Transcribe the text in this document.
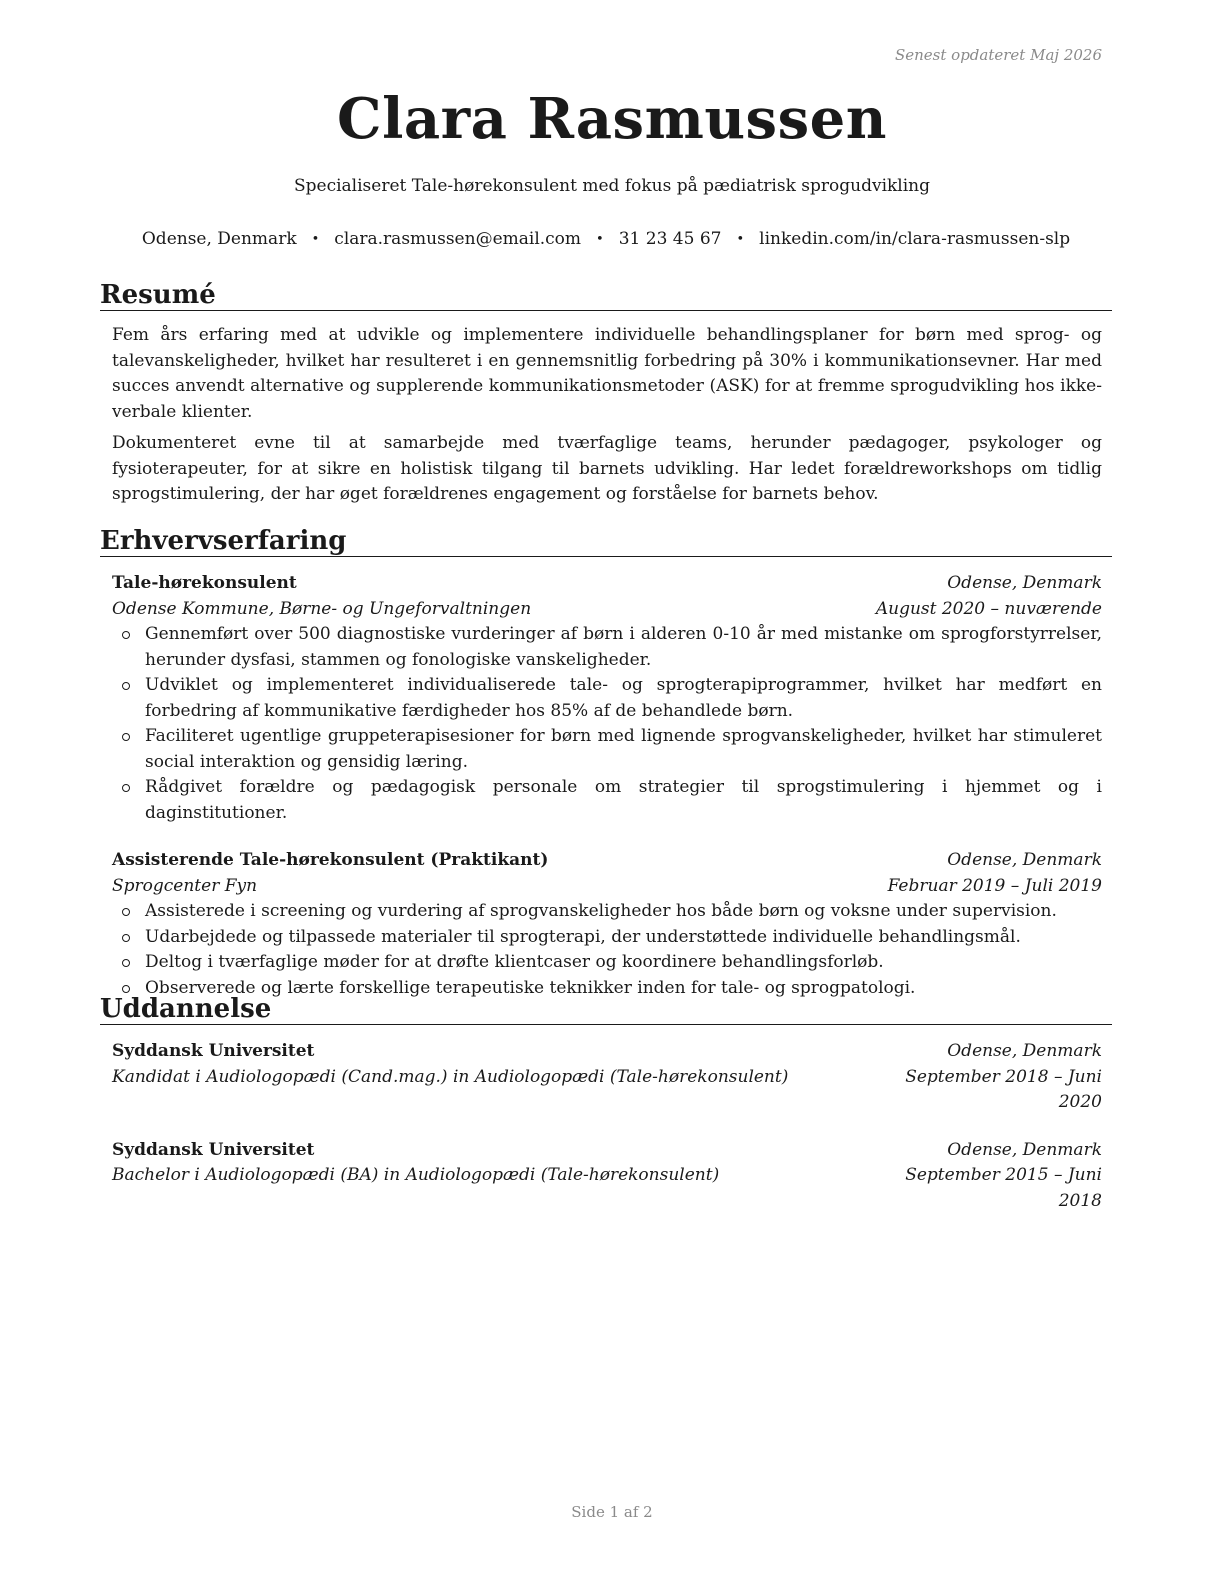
Senest opdateret Maj 2026
Clara Rasmussen
Specialiseret Tale-hørekonsulent med fokus på pædiatrisk sprogudvikling
Odense, Denmark • clara.rasmussen@email.com • 31 23 45 67 • linkedin.com/in/clara-rasmussen-slp
Resumé

Fem års erfaring med at udvikle og implementere individuelle behandlingsplaner for børn med sprog- og talevanskeligheder, hvilket har resulteret i en gennemsnitlig forbedring på 30% i kommunikationsevner. Har med succes anvendt alternative og supplerende kommunikationsmetoder (ASK) for at fremme sprogudvikling hos ikke-verbale klienter.

Dokumenteret evne til at samarbejde med tværfaglige teams, herunder pædagoger, psykologer og fysioterapeuter, for at sikre en holistisk tilgang til barnets udvikling. Har ledet forældreworkshops om tidlig sprogstimulering, der har øget forældrenes engagement og forståelse for barnets behov.

Erhvervserfaring
Tale-hørekonsulent	Odense, Denmark
Odense Kommune, Børne- og Ungeforvaltningen	August 2020 – nuværende
Gennemført over 500 diagnostiske vurderinger af børn i alderen 0-10 år med mistanke om sprogforstyrrelser, herunder dysfasi, stammen og fonologiske vanskeligheder.
Udviklet og implementeret individualiserede tale- og sprogterapiprogrammer, hvilket har medført en forbedring af kommunikative færdigheder hos 85% af de behandlede børn.
Faciliteret ugentlige gruppeterapisesioner for børn med lignende sprogvanskeligheder, hvilket har stimuleret social interaktion og gensidig læring.
Rådgivet forældre og pædagogisk personale om strategier til sprogstimulering i hjemmet og i daginstitutioner.
Assisterende Tale-hørekonsulent (Praktikant)	Odense, Denmark
Sprogcenter Fyn	Februar 2019 – Juli 2019
Assisterede i screening og vurdering af sprogvanskeligheder hos både børn og voksne under supervision.
Udarbejdede og tilpassede materialer til sprogterapi, der understøttede individuelle behandlingsmål.
Deltog i tværfaglige møder for at drøfte klientcaser og koordinere behandlingsforløb.
Observerede og lærte forskellige terapeutiske teknikker inden for tale- og sprogpatologi.
Uddannelse
Syddansk Universitet	Odense, Denmark
Kandidat i Audiologopædi (Cand.mag.) in Audiologopædi (Tale-hørekonsulent)	September 2018 – Juni
2020
Syddansk Universitet	Odense, Denmark
Bachelor i Audiologopædi (BA) in Audiologopædi (Tale-hørekonsulent)	September 2015 – Juni
2018
Side 1 af 2
